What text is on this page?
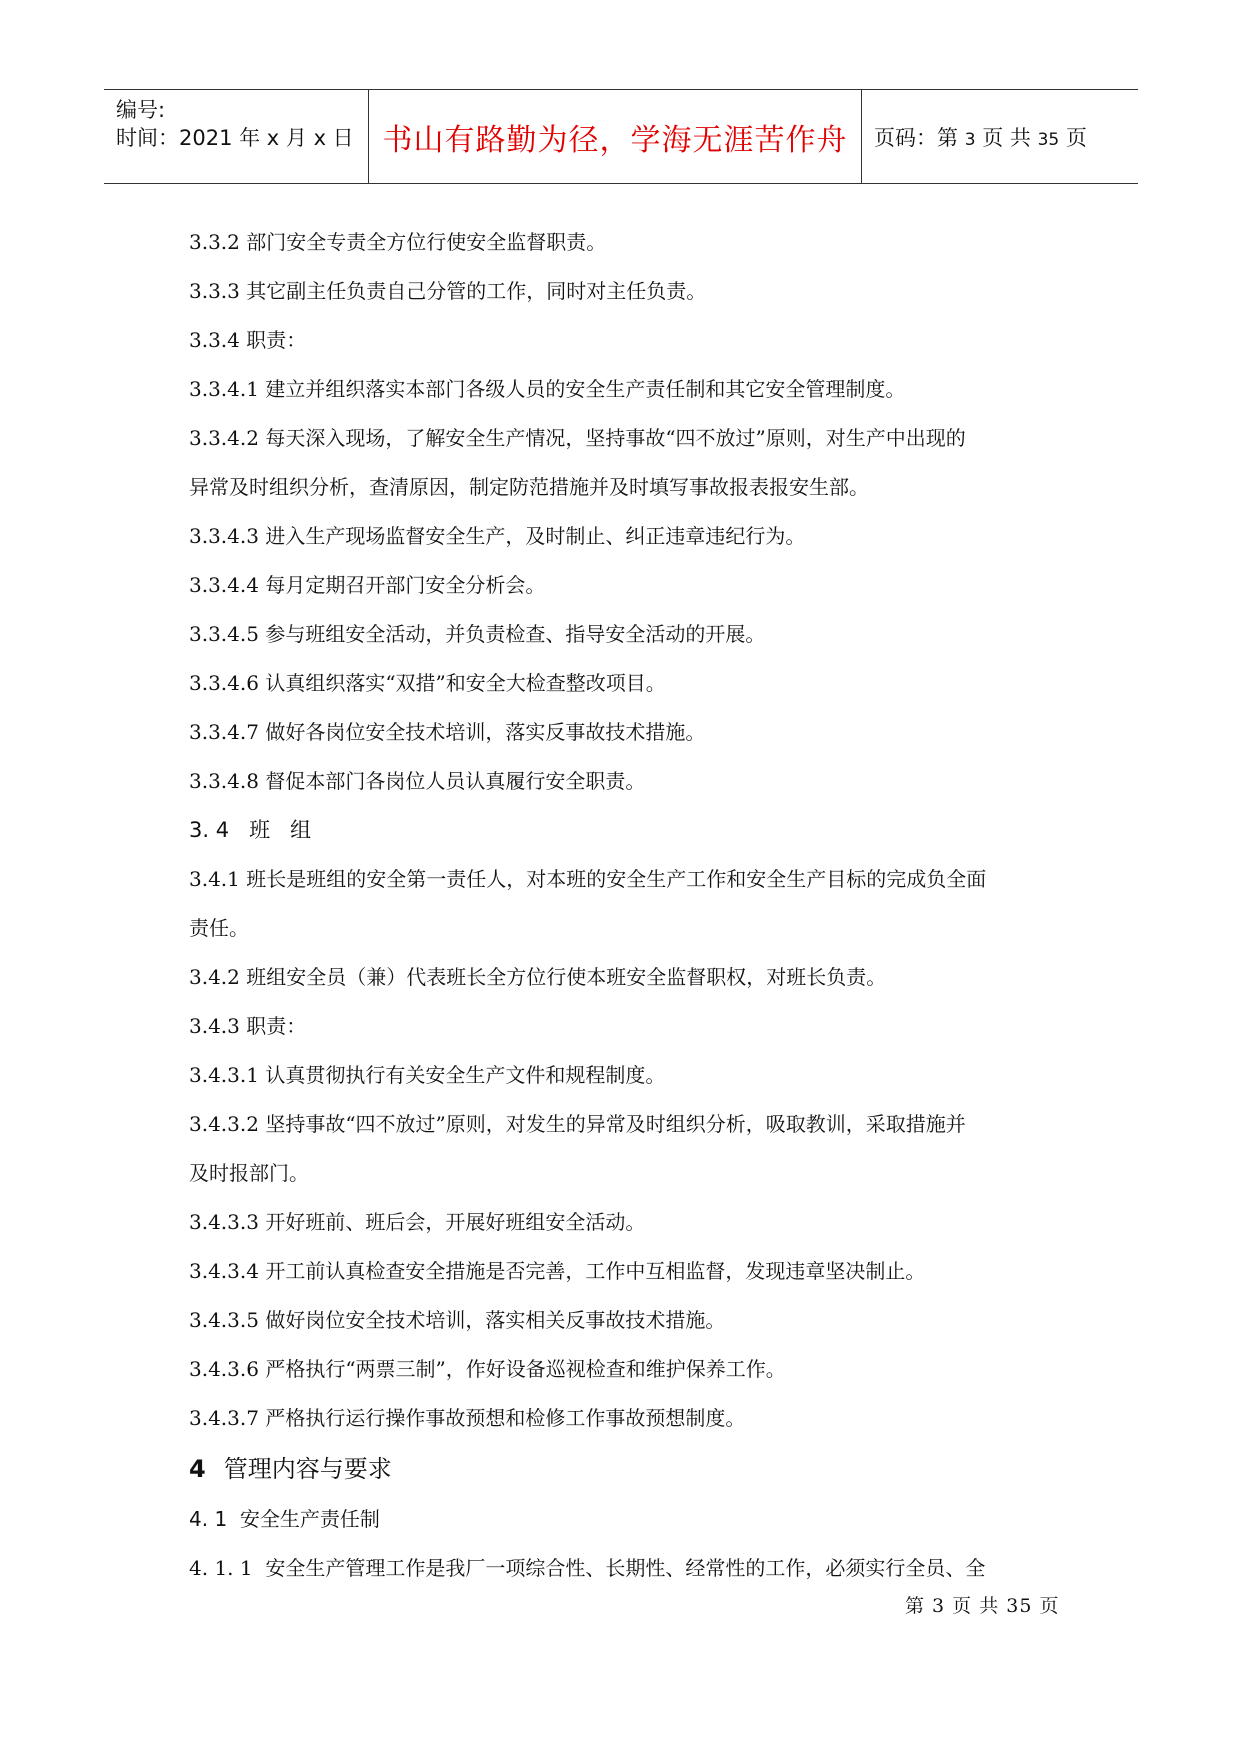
编号:
时间：2021 年 x 月 x 日 书山有路勤为径，学海无涯苦作舟 页码：第 3 页 共 35 页

3.3.2 部门安全专责全方位行使安全监督职责。

3.3.3 其它副主任负责自己分管的工作，同时对主任负责。

3.3.4 职责：

3.3.4.1 建立并组织落实本部门各级人员的安全生产责任制和其它安全管理制度。

3.3.4.2 每天深入现场，了解安全生产情况，坚持事故“四不放过”原则，对生产中出现的

异常及时组织分析，查清原因，制定防范措施并及时填写事故报表报安生部。

3.3.4.3 进入生产现场监督安全生产，及时制止、纠正违章违纪行为。

3.3.4.4 每月定期召开部门安全分析会。

3.3.4.5 参与班组安全活动，并负责检查、指导安全活动的开展。

3.3.4.6 认真组织落实“双措”和安全大检查整改项目。

3.3.4.7 做好各岗位安全技术培训，落实反事故技术措施。

3.3.4.8 督促本部门各岗位人员认真履行安全职责。

3. 4   班   组

3.4.1 班长是班组的安全第一责任人，对本班的安全生产工作和安全生产目标的完成负全面

责任。

3.4.2 班组安全员（兼）代表班长全方位行使本班安全监督职权，对班长负责。

3.4.3 职责：

3.4.3.1 认真贯彻执行有关安全生产文件和规程制度。

3.4.3.2 坚持事故“四不放过”原则，对发生的异常及时组织分析，吸取教训，采取措施并

及时报部门。

3.4.3.3 开好班前、班后会，开展好班组安全活动。

3.4.3.4 开工前认真检查安全措施是否完善，工作中互相监督，发现违章坚决制止。

3.4.3.5 做好岗位安全技术培训，落实相关反事故技术措施。

3.4.3.6 严格执行“两票三制”，作好设备巡视检查和维护保养工作。

3.4.3.7 严格执行运行操作事故预想和检修工作事故预想制度。

4 管理内容与要求

4. 1  安全生产责任制

4. 1. 1  安全生产管理工作是我厂一项综合性、长期性、经常性的工作，必须实行全员、全

第 3 页 共 35 页
